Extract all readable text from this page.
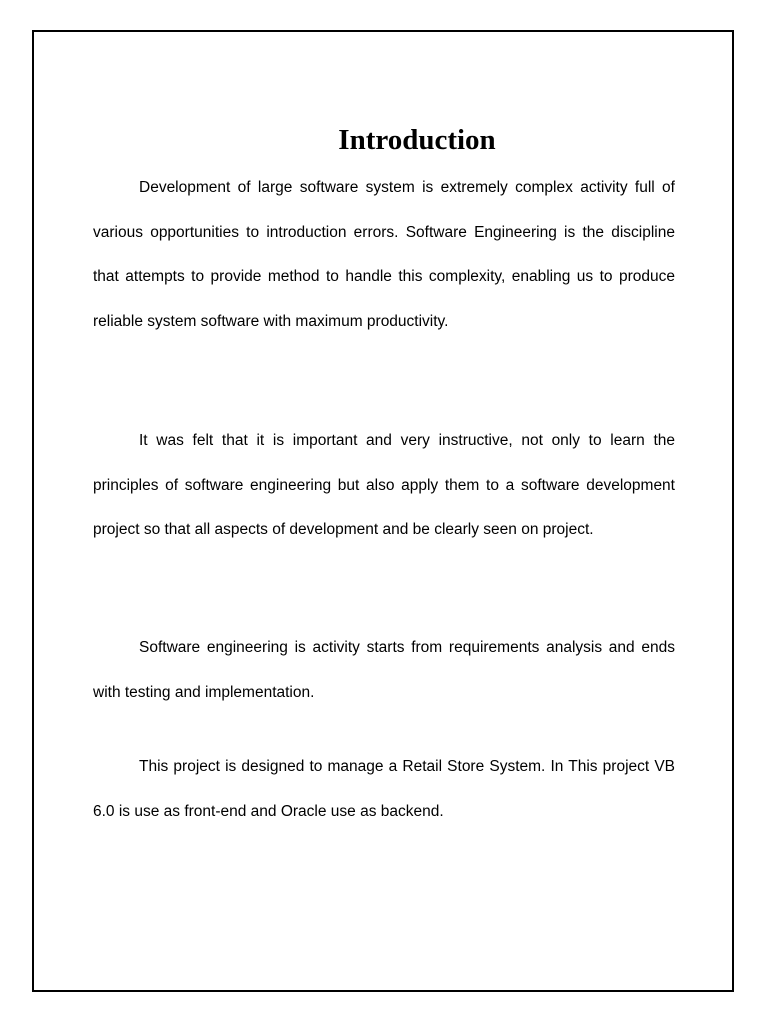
Introduction

Development of large software system is extremely complex activity full of various opportunities to introduction errors. Software Engineering is the discipline that attempts to provide method to handle this complexity, enabling us to produce reliable system software with maximum productivity.

It was felt that it is important and very instructive, not only to learn the principles of software engineering but also apply them to a software development project so that all aspects of development and be clearly seen on project.

Software engineering is activity starts from requirements analysis and ends with testing and implementation.

This project is designed to manage a Retail Store System. In This project VB 6.0 is use as front-end and Oracle use as backend.
